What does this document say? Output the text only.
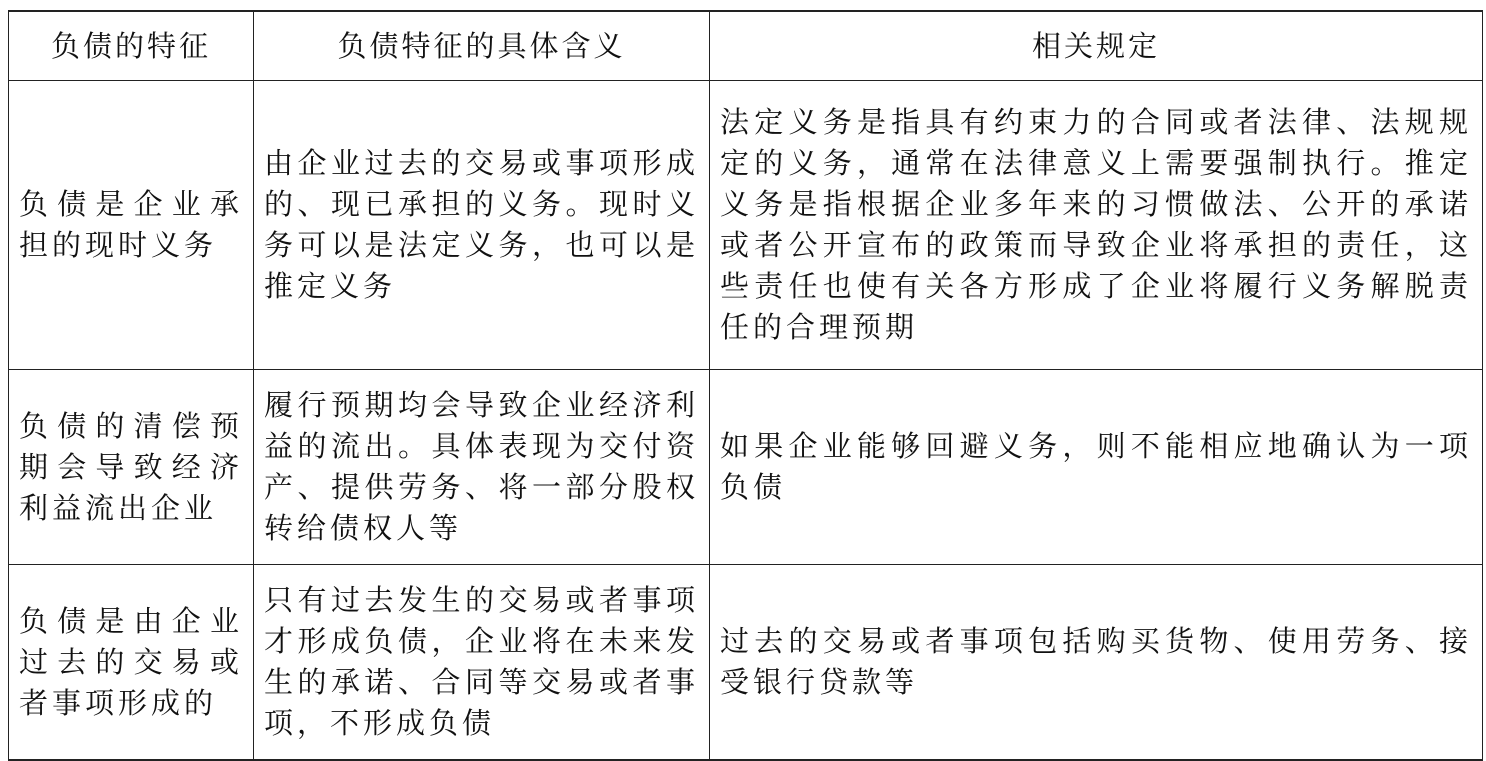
负债的特征	负债特征的具体含义	相关规定
负债是企业承担的现时义务	由企业过去的交易或事项形成的、现已承担的义务。现时义务可以是法定义务，也可以是推定义务	法定义务是指具有约束力的合同或者法律、法规规定的义务，通常在法律意义上需要强制执行。推定义务是指根据企业多年来的习惯做法、公开的承诺或者公开宣布的政策而导致企业将承担的责任，这些责任也使有关各方形成了企业将履行义务解脱责任的合理预期
负债的清偿预期会导致经济利益流出企业	履行预期均会导致企业经济利益的流出。具体表现为交付资产、提供劳务、将一部分股权转给债权人等	如果企业能够回避义务，则不能相应地确认为一项负债
负债是由企业过去的交易或者事项形成的	只有过去发生的交易或者事项才形成负债，企业将在未来发生的承诺、合同等交易或者事项，不形成负债	过去的交易或者事项包括购买货物、使用劳务、接受银行贷款等
